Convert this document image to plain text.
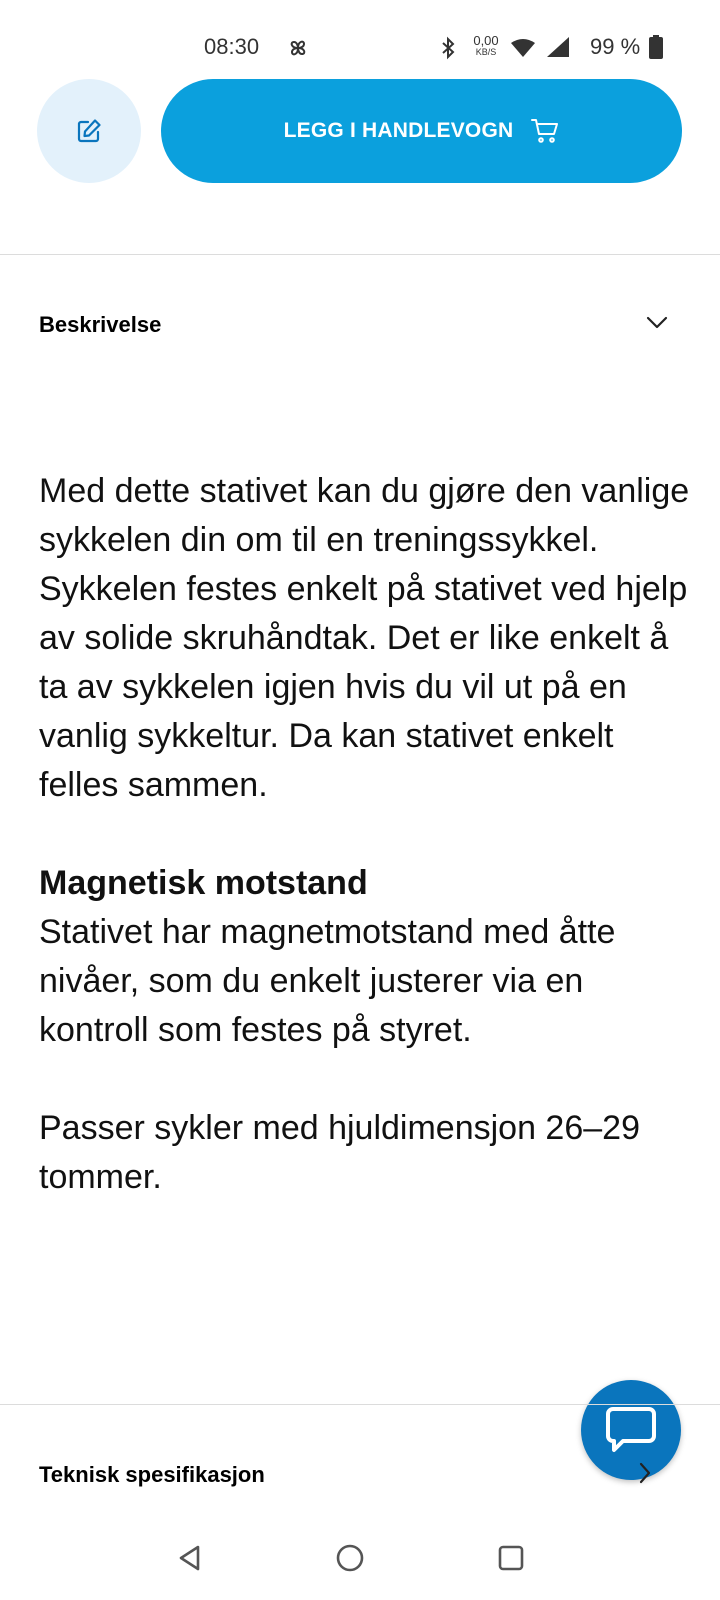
08:30	0,00
KB/S	99 %
LEGG I HANDLEVOGN
Beskrivelse

Med dette stativet kan du gjøre den vanlige sykkelen din om til en treningssykkel. Sykkelen festes enkelt på stativet ved hjelp av solide skruhåndtak. Det er like enkelt å ta av sykkelen igjen hvis du vil ut på en vanlig sykkeltur. Da kan stativet enkelt felles sammen.

Magnetisk motstand

Stativet har magnetmotstand med åtte nivåer, som du enkelt justerer via en kontroll som festes på styret.

Passer sykler med hjuldimensjon 26–29 tommer.

Teknisk spesifikasjon
